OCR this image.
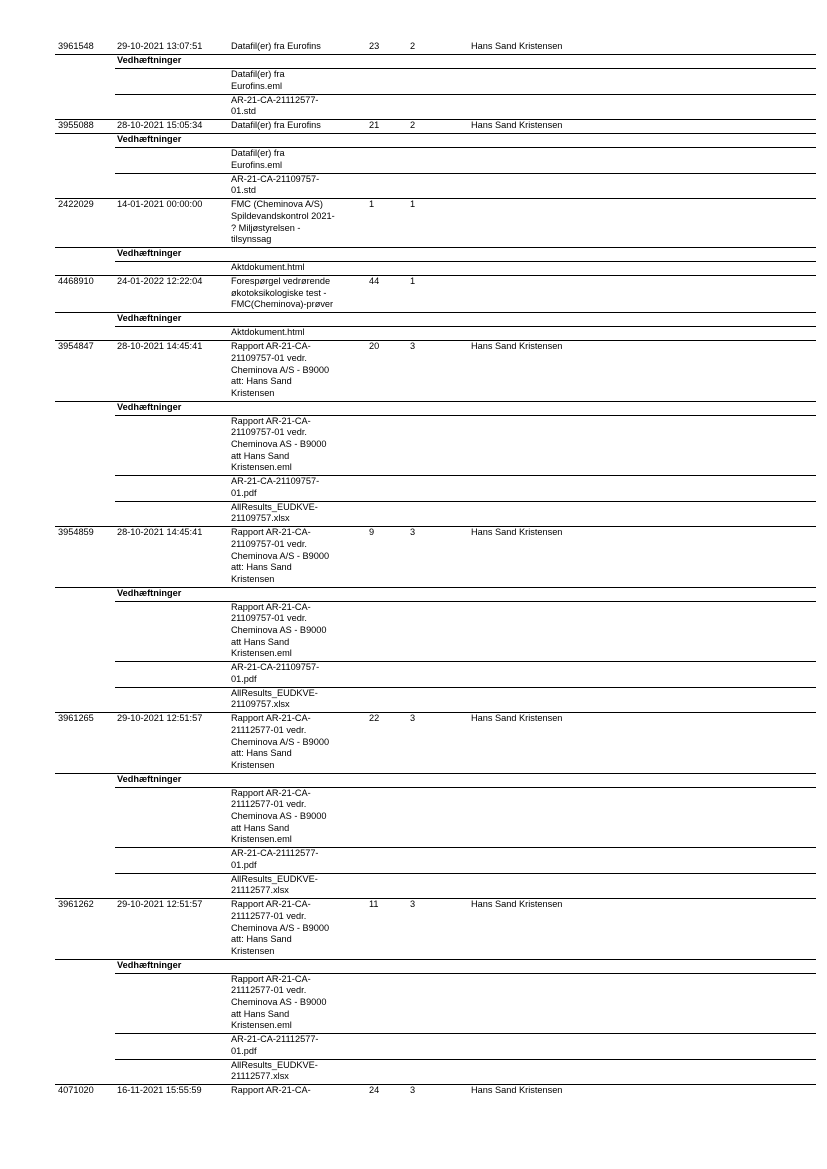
3961548	29-10-2021 13:07:51	Datafil(er) fra Eurofins	23	2	Hans Sand Kristensen
Vedhæftninger
Datafil(er) fra
Eurofins.eml
AR-21-CA-21112577-
01.std
3955088	28-10-2021 15:05:34	Datafil(er) fra Eurofins	21	2	Hans Sand Kristensen
Vedhæftninger
Datafil(er) fra
Eurofins.eml
AR-21-CA-21109757-
01.std
2422029	14-01-2021 00:00:00	FMC (Cheminova A/S)
Spildevandskontrol 2021-
? Miljøstyrelsen -
tilsynssag
1	1
Vedhæftninger
Aktdokument.html
4468910	24-01-2022 12:22:04	Forespørgel vedrørende
økotoksikologiske test -
FMC(Cheminova)-prøver
44	1
Vedhæftninger
Aktdokument.html
3954847	28-10-2021 14:45:41	Rapport AR-21-CA-
21109757-01 vedr.
Cheminova A/S - B9000
att: Hans Sand
Kristensen
20	3	Hans Sand Kristensen
Vedhæftninger
Rapport AR-21-CA-
21109757-01 vedr.
Cheminova AS - B9000
att Hans Sand
Kristensen.eml
AR-21-CA-21109757-
01.pdf
AllResults_EUDKVE-
21109757.xlsx
3954859	28-10-2021 14:45:41	Rapport AR-21-CA-
21109757-01 vedr.
Cheminova A/S - B9000
att: Hans Sand
Kristensen
9	3	Hans Sand Kristensen
Vedhæftninger
Rapport AR-21-CA-
21109757-01 vedr.
Cheminova AS - B9000
att Hans Sand
Kristensen.eml
AR-21-CA-21109757-
01.pdf
AllResults_EUDKVE-
21109757.xlsx
3961265	29-10-2021 12:51:57	Rapport AR-21-CA-
21112577-01 vedr.
Cheminova A/S - B9000
att: Hans Sand
Kristensen
22	3	Hans Sand Kristensen
Vedhæftninger
Rapport AR-21-CA-
21112577-01 vedr.
Cheminova AS - B9000
att Hans Sand
Kristensen.eml
AR-21-CA-21112577-
01.pdf
AllResults_EUDKVE-
21112577.xlsx
3961262	29-10-2021 12:51:57	Rapport AR-21-CA-
21112577-01 vedr.
Cheminova A/S - B9000
att: Hans Sand
Kristensen
11	3	Hans Sand Kristensen
Vedhæftninger
Rapport AR-21-CA-
21112577-01 vedr.
Cheminova AS - B9000
att Hans Sand
Kristensen.eml
AR-21-CA-21112577-
01.pdf
AllResults_EUDKVE-
21112577.xlsx
4071020	16-11-2021 15:55:59	Rapport AR-21-CA-	24	3	Hans Sand Kristensen
